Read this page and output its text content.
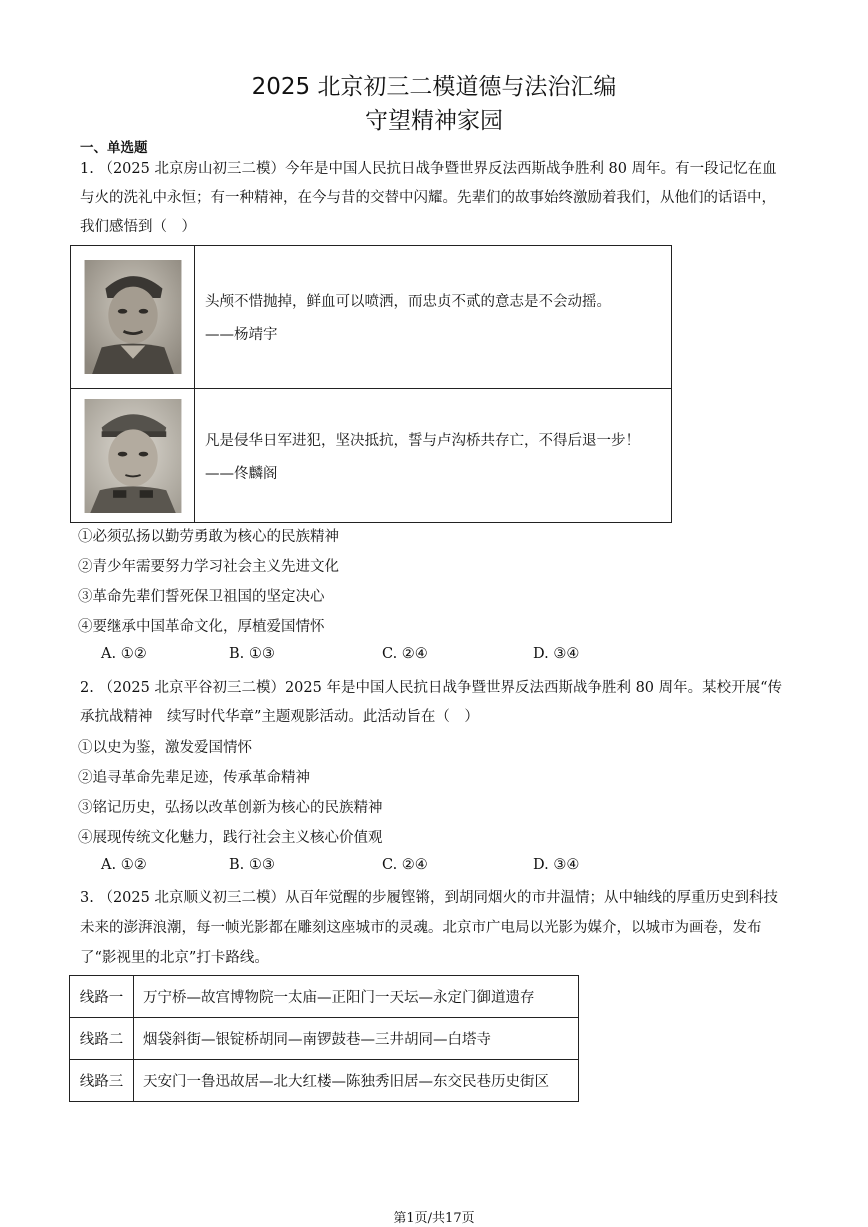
2025 北京初三二模道德与法治汇编
守望精神家园
一、单选题
1. （2025 北京房山初三二模）今年是中国人民抗日战争暨世界反法西斯战争胜利 80 周年。有一段记忆在血
与火的洗礼中永恒；有一种精神，在今与昔的交替中闪耀。先辈们的故事始终激励着我们，从他们的话语中，
我们感悟到（　）

头颅不惜抛掉，鲜血可以喷洒，而忠贞不贰的意志是不会动摇。
——杨靖宇

凡是侵华日军进犯，坚决抵抗，誓与卢沟桥共存亡，不得后退一步！
——佟麟阁
①必须弘扬以勤劳勇敢为核心的民族精神
②青少年需要努力学习社会主义先进文化
③革命先辈们誓死保卫祖国的坚定决心
④要继承中国革命文化，厚植爱国情怀
A. ①②	B. ①③	C. ②④	D. ③④
2. （2025 北京平谷初三二模）2025 年是中国人民抗日战争暨世界反法西斯战争胜利 80 周年。某校开展“传
承抗战精神　续写时代华章”主题观影活动。此活动旨在（　）
①以史为鉴，激发爱国情怀
②追寻革命先辈足迹，传承革命精神
③铭记历史，弘扬以改革创新为核心的民族精神
④展现传统文化魅力，践行社会主义核心价值观
A. ①②	B. ①③	C. ②④	D. ③④
3. （2025 北京顺义初三二模）从百年觉醒的步履铿锵，到胡同烟火的市井温情；从中轴线的厚重历史到科技
未来的澎湃浪潮，每一帧光影都在雕刻这座城市的灵魂。北京市广电局以光影为媒介，以城市为画卷，发布
了“影视里的北京”打卡路线。
线路一	万宁桥—故宫博物院一太庙—正阳门一天坛—永定门御道遗存
线路二	烟袋斜街—银锭桥胡同—南锣鼓巷—三井胡同—白塔寺
线路三	天安门一鲁迅故居—北大红楼—陈独秀旧居—东交民巷历史街区
第1页/共17页
